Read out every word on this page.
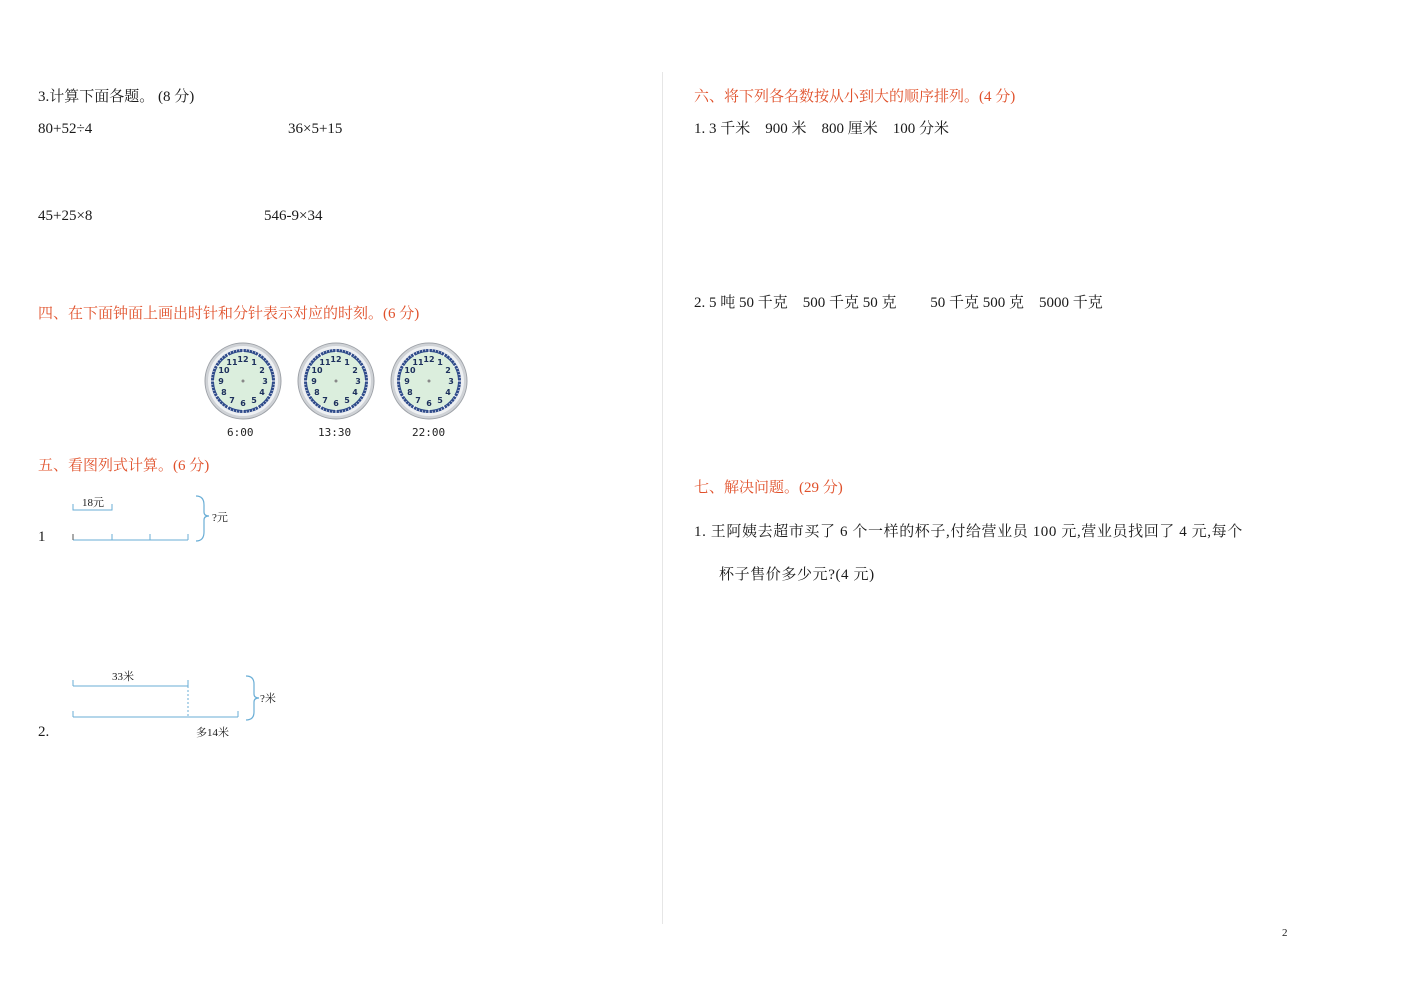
3.计算下面各题。 (8 分)
80+52÷4	36×5+15
45+25×8	546-9×34
四、在下面钟面上画出时针和分针表示对应的时刻。(6 分)
12 1
2
3
4
5
6
7
8
9
10
11	12 1
2
3
4
5
6
7
8
9
10
11	12 1
2
3
4
5
6
7
8
9
10
11
6:00	13:30	22:00
五、看图列式计算。(6 分)
1
18元
?元
2.
33米
?米
多14米
六、将下列各名数按从小到大的顺序排列。(4 分)
1. 3 千米　900 米　800 厘米　100 分米
2. 5 吨 50 千克　500 千克 50 克　　 50 千克 500 克　5000 千克
七、解决问题。(29 分)
1. 王阿姨去超市买了 6 个一样的杯子,付给营业员 100 元,营业员找回了 4 元,每个
杯子售价多少元?(4 元)
2
